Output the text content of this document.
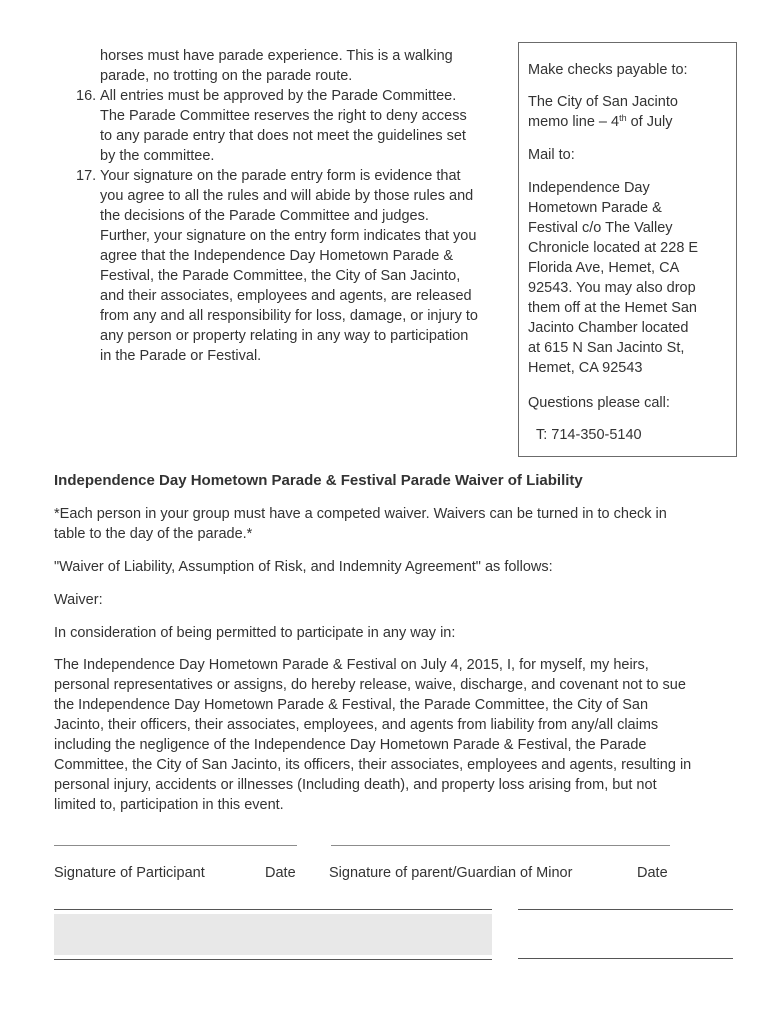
horses must have parade experience. This is a walking
parade, no trotting on the parade route.
16. All entries must be approved by the Parade Committee.
The Parade Committee reserves the right to deny access
to any parade entry that does not meet the guidelines set
by the committee.
17. Your signature on the parade entry form is evidence that
you agree to all the rules and will abide by those rules and
the decisions of the Parade Committee and judges.
Further, your signature on the entry form indicates that you
agree that the Independence Day Hometown Parade &
Festival, the Parade Committee, the City of San Jacinto,
and their associates, employees and agents, are released
from any and all responsibility for loss, damage, or injury to
any person or property relating in any way to participation
in the Parade or Festival.
Make checks payable to:
The City of San Jacinto
memo line – 4th of July
Mail to:
Independence Day
Hometown Parade &
Festival c/o The Valley
Chronicle located at 228 E
Florida Ave, Hemet, CA
92543. You may also drop
them off at the Hemet San
Jacinto Chamber located
at 615 N San Jacinto St,
Hemet, CA 92543
Questions please call:
T: 714-350-5140
Independence Day Hometown Parade & Festival Parade Waiver of Liability
*Each person in your group must have a competed waiver. Waivers can be turned in to check in
table to the day of the parade.*
"Waiver of Liability, Assumption of Risk, and Indemnity Agreement" as follows:
Waiver:
In consideration of being permitted to participate in any way in:
The Independence Day Hometown Parade & Festival on July 4, 2015, I, for myself, my heirs,
personal representatives or assigns, do hereby release, waive, discharge, and covenant not to sue
the Independence Day Hometown Parade & Festival, the Parade Committee, the City of San
Jacinto, their officers, their associates, employees, and agents from liability from any/all claims
including the negligence of the Independence Day Hometown Parade & Festival, the Parade
Committee, the City of San Jacinto, its officers, their associates, employees and agents, resulting in
personal injury, accidents or illnesses (Including death), and property loss arising from, but not
limited to, participation in this event.
Signature of Participant	Date Signature of parent/Guardian of Minor	Date
